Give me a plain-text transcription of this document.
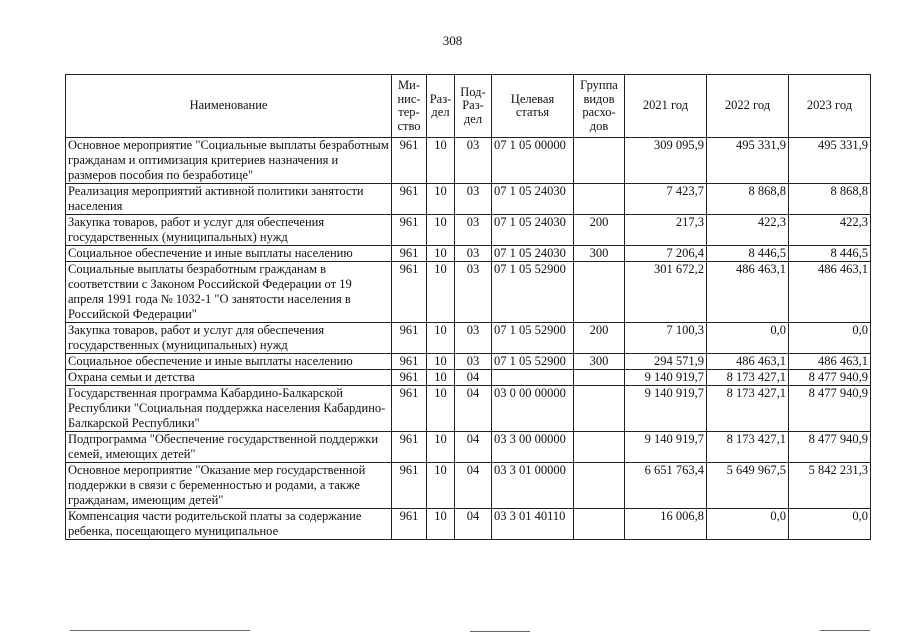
308
Наименование	Ми-
нис-
тер-
ство	Раз-
дел	Под-
Раз-
дел	Целевая
статья	Группа
видов
расхо-
дов	2021 год	2022 год	2023 год
Основное мероприятие "Социальные выплаты безработным гражданам и оптимизация критериев назначения и размеров пособия по безработице"	961	10	03	07 1 05 00000		309 095,9	495 331,9	495 331,9
Реализация мероприятий активной политики занятости населения	961	10	03	07 1 05 24030		7 423,7	8 868,8	8 868,8
Закупка товаров, работ и услуг для обеспечения государственных (муниципальных) нужд	961	10	03	07 1 05 24030	200	217,3	422,3	422,3
Социальное обеспечение и иные выплаты населению	961	10	03	07 1 05 24030	300	7 206,4	8 446,5	8 446,5
Социальные выплаты безработным гражданам в соответствии с Законом Российской Федерации от 19 апреля 1991 года № 1032-1 "О занятости населения в Российской Федерации"	961	10	03	07 1 05 52900		301 672,2	486 463,1	486 463,1
Закупка товаров, работ и услуг для обеспечения государственных (муниципальных) нужд	961	10	03	07 1 05 52900	200	7 100,3	0,0	0,0
Социальное обеспечение и иные выплаты населению	961	10	03	07 1 05 52900	300	294 571,9	486 463,1	486 463,1
Охрана семьи и детства	961	10	04			9 140 919,7	8 173 427,1	8 477 940,9
Государственная программа Кабардино-Балкарской Республики "Социальная поддержка населения Кабардино-Балкарской Республики"	961	10	04	03 0 00 00000		9 140 919,7	8 173 427,1	8 477 940,9
Подпрограмма "Обеспечение государственной поддержки семей, имеющих детей"	961	10	04	03 3 00 00000		9 140 919,7	8 173 427,1	8 477 940,9
Основное мероприятие "Оказание мер государственной поддержки в связи с беременностью и родами, а также гражданам, имеющим детей"	961	10	04	03 3 01 00000		6 651 763,4	5 649 967,5	5 842 231,3
Компенсация части родительской платы за содержание ребенка, посещающего муниципальное	961	10	04	03 3 01 40110		16 006,8	0,0	0,0
